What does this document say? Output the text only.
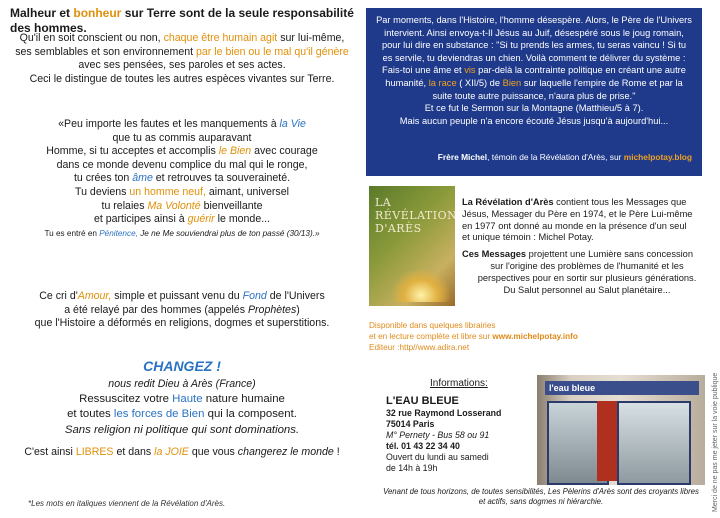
Malheur et bonheur sur Terre sont de la seule responsabilité des hommes.
Qu'il en soit conscient ou non, chaque être humain agit sur lui-même,
ses semblables et son environnement par le bien ou le mal qu'il génère
avec ses pensées, ses paroles et ses actes.
Ceci le distingue de toutes les autres espèces vivantes sur Terre.
«Peu importe les fautes et les manquements à la Vie
que tu as commis auparavant
Homme, si tu acceptes et accomplis le Bien avec courage
dans ce monde devenu complice du mal qui le ronge,
tu crées ton âme et retrouves ta souveraineté.
Tu deviens un homme neuf, aimant, universel
tu relaies Ma Volonté bienveillante
et participes ainsi à guérir le monde...
Tu es entré en Pénitence, Je ne Me souviendrai plus de ton passé (30/13).»
Ce cri d'Amour, simple et puissant venu du Fond de l'Univers
a été relayé par des hommes (appelés Prophètes)
que l'Histoire a déformés en religions, dogmes et superstitions.
CHANGEZ !
nous redit Dieu à Arès (France)
Ressuscitez votre Haute nature humaine
et toutes les forces de Bien qui la composent.
Sans religion ni politique qui sont dominations.
C'est ainsi LIBRES et dans la JOIE que vous changerez le monde !
*Les mots en italiques viennent de la Révélation d'Arès.
Par moments, dans l'Histoire, l'homme désespère. Alors, le Père de l'Univers
intervient. Ainsi envoya-t-Il Jésus au Juif, désespéré sous le joug romain,
pour lui dire en substance : "Si tu prends les armes, tu seras vaincu ! Si tu
es servile, tu deviendras un chien. Voilà comment te délivrer du système :
Fais-toi une âme et vis par-delà la contrainte politique en créant une autre
humanité, la race ( XII/5) de Bien sur laquelle l'empire de Rome et par la
suite toute autre puissance, n'aura plus de prise."
Et ce fut le Sermon sur la Montagne (Matthieu/5 à 7).
Mais aucun peuple n'a encore écouté Jésus jusqu'à aujourd'hui...
Frère Michel, témoin de la Révélation d'Arès, sur michelpotay.blog
LA
RÉVÉLATION
D'ARÈS
La Révélation d'Arès contient tous les Messages que
Jésus, Messager du Père en 1974, et le Père Lui-même
en 1977 ont donné au monde en la présence d'un seul
et unique témoin : Michel Potay.
Ces Messages projettent une Lumière sans concession
sur l'origine des problèmes de l'humanité et les
perspectives pour en sortir sur plusieurs générations.
Du Salut personnel au Salut planétaire...
Disponible dans quelques librairies
et en lecture complète et libre sur www.michelpotay.info
Editeur :http//www.adira.net
Informations:
L'EAU BLEUE
32 rue Raymond Losserand
75014 Paris
M° Pernety - Bus 58 ou 91
tél. 01 43 22 34 40
Ouvert du lundi au samedi
de 14h à 19h
l'eau bleue
Venant de tous horizons, de toutes sensibilités, Les Pèlerins d'Arès sont des croyants libres
et actifs, sans dogmes ni hiérarchie.	Merci de ne pas me jeter sur la voie publique
